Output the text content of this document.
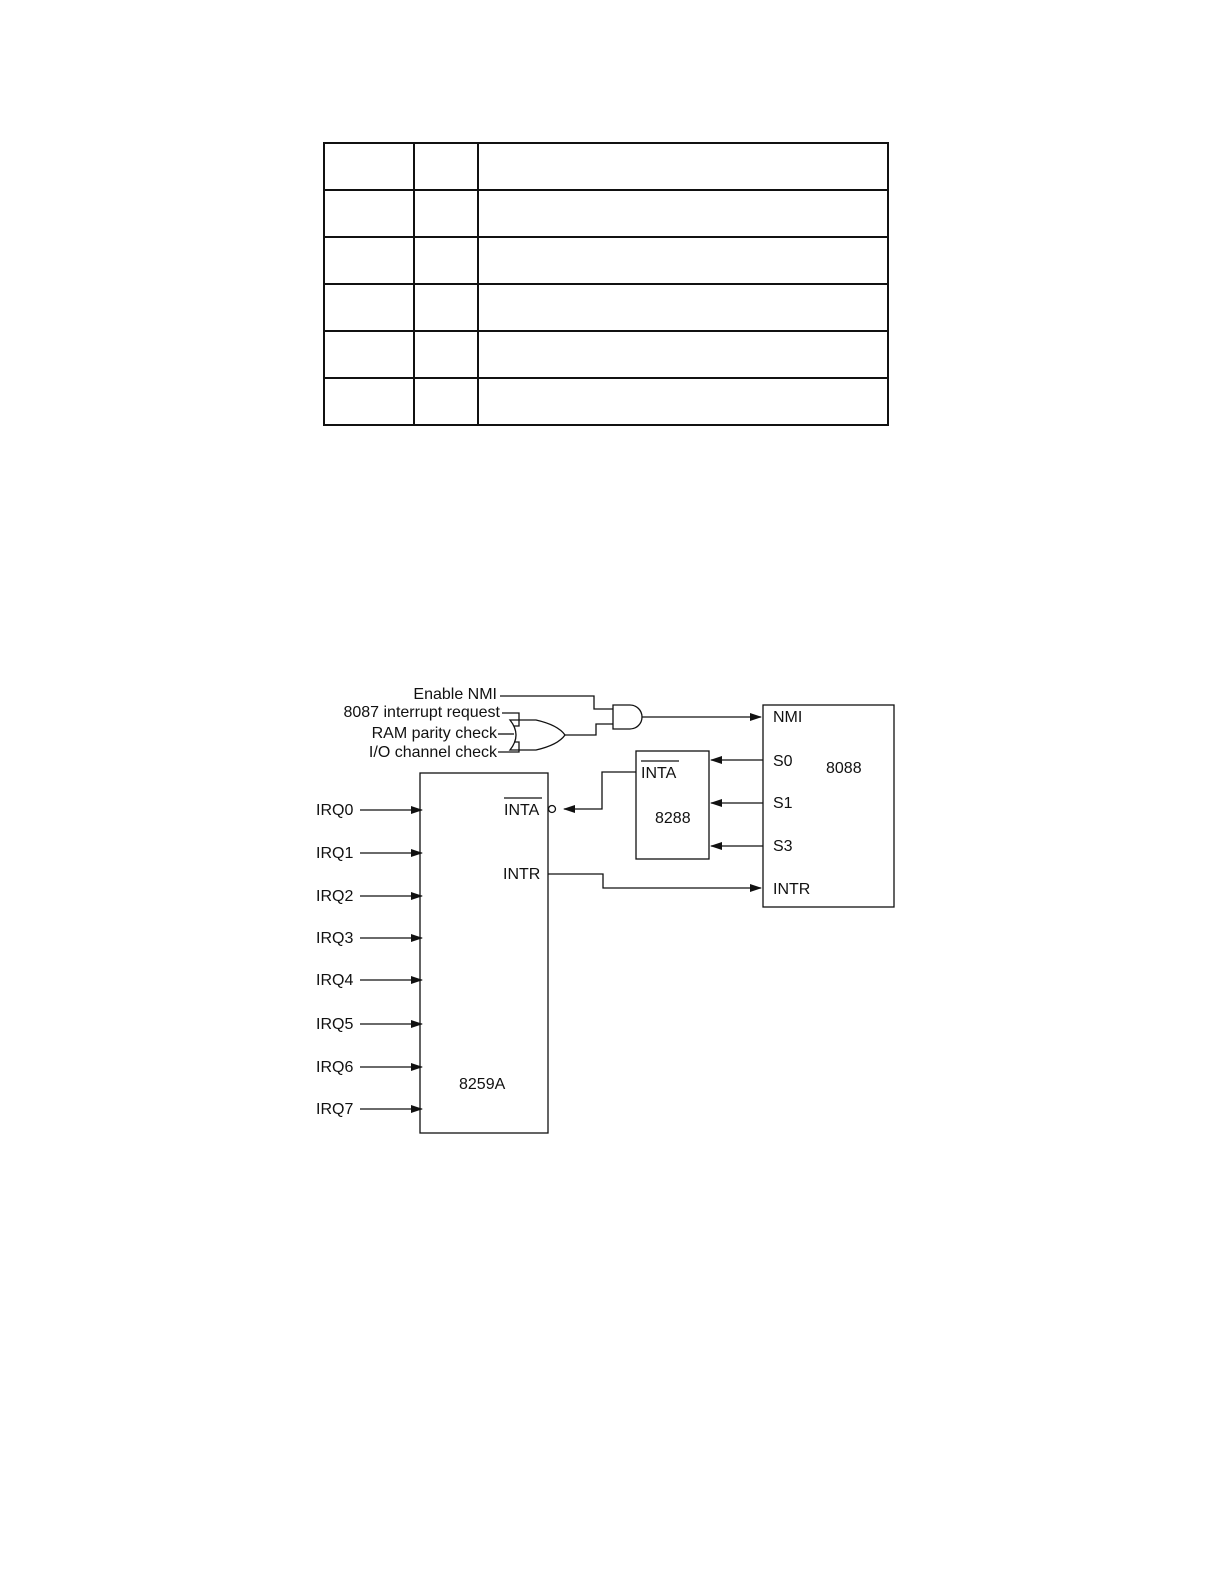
Enable NMI
8087 interrupt request
RAM parity check
I/O channel check
IRQ0
IRQ1
IRQ2
IRQ3
IRQ4
IRQ5
IRQ6
IRQ7
INTA
INTR
8259A
INTA
8288
NMI
S0 8088
S1
S3
INTR
